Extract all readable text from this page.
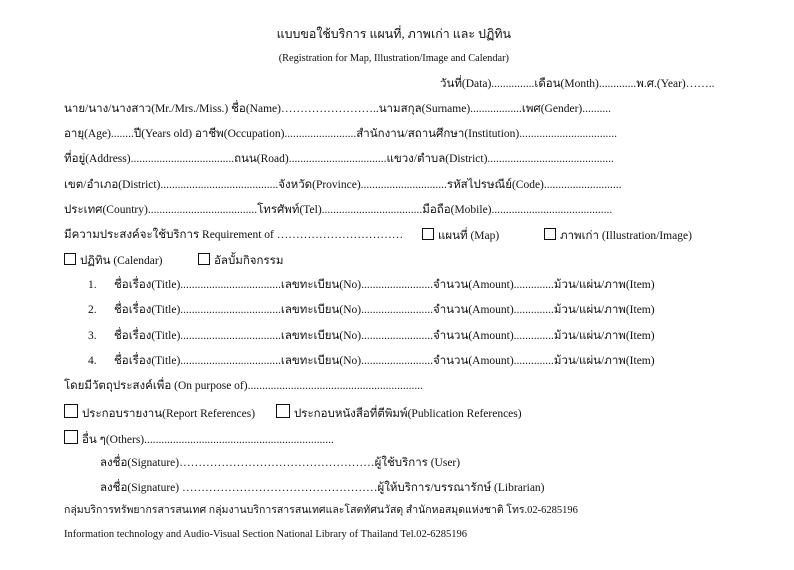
แบบขอใช้บริการ แผนที่, ภาพเก่า และ ปฏิทิน
(Registration for Map, Illustration/Image and Calendar)
วันที่(Data)...............เดือน(Month).............พ.ศ.(Year)……..
นาย/นาง/นางสาว(Mr./Mrs./Miss.) ชื่อ(Name)……………………..นามสกุล(Surname)..................เพศ(Gender)..........
อายุ(Age)........ปี(Years old) อาชีพ(Occupation).........................สำนักงาน/สถานศึกษา(Institution)..................................
ที่อยู่(Address)....................................ถนน(Road)..................................แขวง/ตำบล(District)............................................
เขต/อำเภอ(District).........................................จังหวัด(Province)..............................รหัสไปรษณีย์(Code)...........................
ประเทศ(Country)......................................โทรศัพท์(Tel)...................................มือถือ(Mobile)..........................................
มีความประสงค์จะใช้บริการ Requirement of ……………………………	แผนที่ (Map)	ภาพเก่า (Illustration/Image)
ปฏิทิน (Calendar)	อัลบั้มกิจกรรม
1. ชื่อเรื่อง(Title)...................................เลขทะเบียน(No).........................จำนวน(Amount)..............ม้วน/แผ่น/ภาพ(Item)
2. ชื่อเรื่อง(Title)...................................เลขทะเบียน(No).........................จำนวน(Amount)..............ม้วน/แผ่น/ภาพ(Item)
3. ชื่อเรื่อง(Title)...................................เลขทะเบียน(No).........................จำนวน(Amount)..............ม้วน/แผ่น/ภาพ(Item)
4. ชื่อเรื่อง(Title)...................................เลขทะเบียน(No).........................จำนวน(Amount)..............ม้วน/แผ่น/ภาพ(Item)
โดยมีวัตถุประสงค์เพื่อ (On purpose of).............................................................
ประกอบรายงาน(Report References)	ประกอบหนังสือที่ตีพิมพ์(Publication References)
อื่น ๆ(Others)..................................................................
ลงชื่อ(Signature)……………………………………………ผู้ใช้บริการ (User)
ลงชื่อ(Signature) ……………………………………………ผู้ให้บริการ/บรรณารักษ์ (Librarian)
กลุ่มบริการทรัพยากรสารสนเทศ กลุ่มงานบริการสารสนเทศและโสตทัศนวัสดุ สำนักหอสมุดแห่งชาติ โทร.02-6285196
Information technology and Audio-Visual Section National Library of Thailand Tel.02-6285196
